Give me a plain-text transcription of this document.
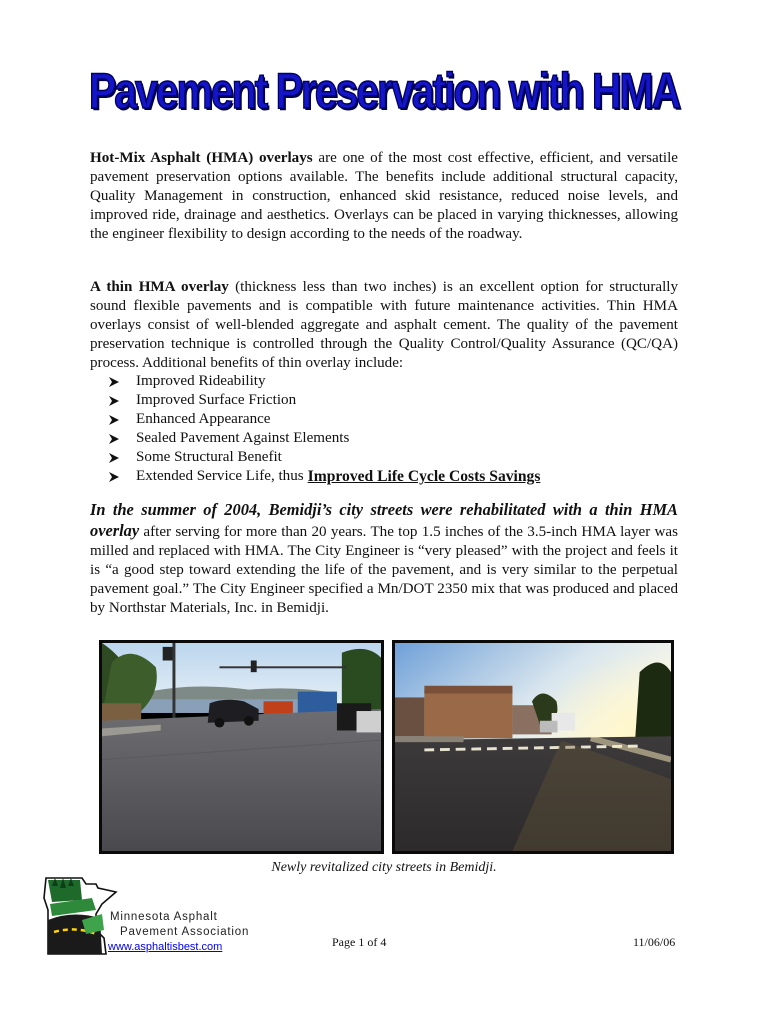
Pavement Preservation with HMA

Hot-Mix Asphalt (HMA) overlays are one of the most cost effective, efficient, and versatile pavement preservation options available. The benefits include additional structural capacity, Quality Management in construction, enhanced skid resistance, reduced noise levels, and improved ride, drainage and aesthetics. Overlays can be placed in varying thicknesses, allowing the engineer flexibility to design according to the needs of the roadway.

A thin HMA overlay (thickness less than two inches) is an excellent option for structurally sound flexible pavements and is compatible with future maintenance activities. Thin HMA overlays consist of well-blended aggregate and asphalt cement. The quality of the pavement preservation technique is controlled through the Quality Control/Quality Assurance (QC/QA) process. Additional benefits of thin overlay include:

Improved Rideability
Improved Surface Friction
Enhanced Appearance
Sealed Pavement Against Elements
Some Structural Benefit
Extended Service Life, thus Improved Life Cycle Costs Savings

In the summer of 2004, Bemidji’s city streets were rehabilitated with a thin HMA overlay after serving for more than 20 years. The top 1.5 inches of the 3.5-inch HMA layer was milled and replaced with HMA. The City Engineer is “very pleased” with the project and feels it is “a good step toward extending the life of the pavement, and is very similar to the perpetual pavement goal.” The City Engineer specified a Mn/DOT 2350 mix that was produced and placed by Northstar Materials, Inc. in Bemidji.

Newly revitalized city streets in Bemidji.
Minnesota Asphalt
Pavement Association
www.asphaltisbest.com	Page 1 of 4	11/06/06
